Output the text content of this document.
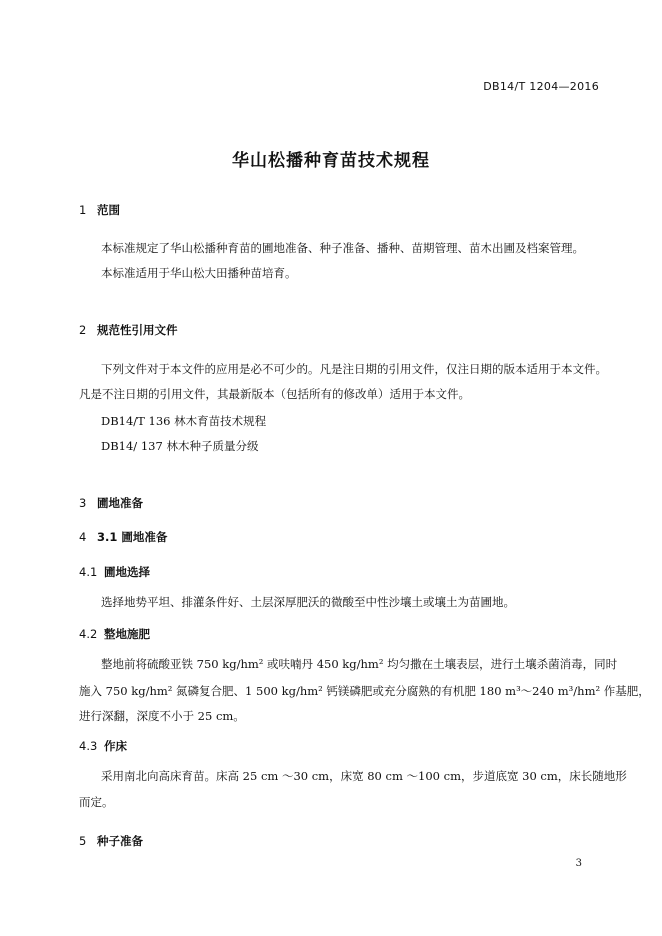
DB14/T 1204—2016
华山松播种育苗技术规程
1 范围
本标准规定了华山松播种育苗的圃地准备、种子准备、播种、苗期管理、苗木出圃及档案管理。
本标准适用于华山松大田播种苗培育。
2 规范性引用文件
下列文件对于本文件的应用是必不可少的。凡是注日期的引用文件，仅注日期的版本适用于本文件。
凡是不注日期的引用文件，其最新版本（包括所有的修改单）适用于本文件。
DB14/T 136 林木育苗技术规程
DB14/ 137 林木种子质量分级
3 圃地准备
4 3.1 圃地准备
4.1 圃地选择
选择地势平坦、排灌条件好、土层深厚肥沃的微酸至中性沙壤土或壤土为苗圃地。
4.2 整地施肥
整地前将硫酸亚铁 750 kg/hm² 或呋喃丹 450 kg/hm² 均匀撒在土壤表层，进行土壤杀菌消毒，同时
施入 750 kg/hm² 氮磷复合肥、1 500 kg/hm² 钙镁磷肥或充分腐熟的有机肥 180 m³～240 m³/hm² 作基肥，
进行深翻，深度不小于 25 cm。
4.3 作床
采用南北向高床育苗。床高 25 cm ～30 cm，床宽 80 cm ～100 cm，步道底宽 30 cm，床长随地形
而定。
5 种子准备
3
